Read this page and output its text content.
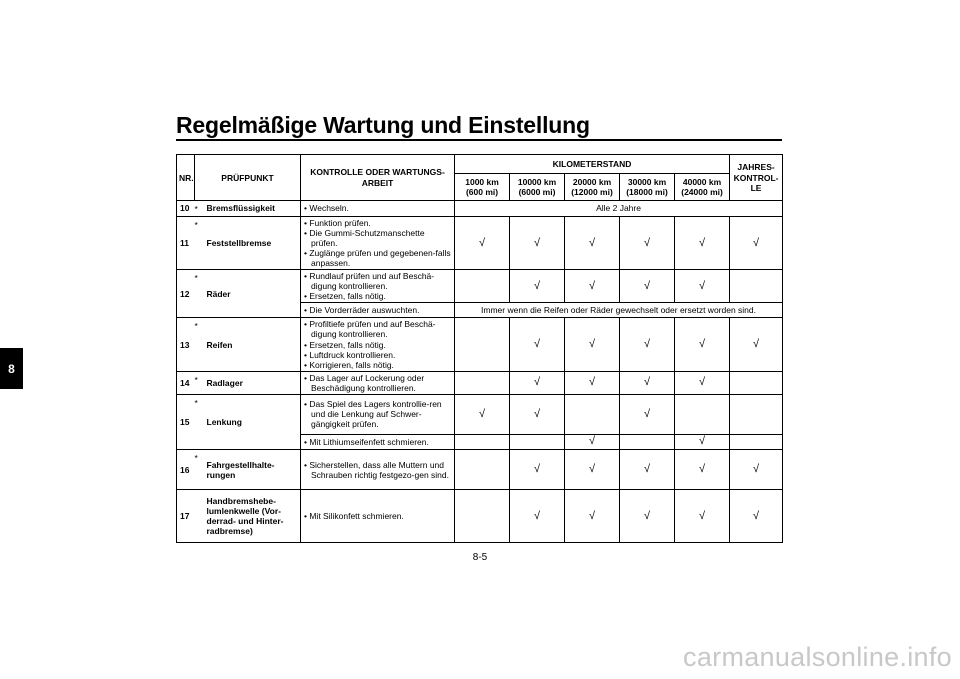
Regelmäßige Wartung und Einstellung
8
NR.	PRÜFPUNKT		KONTROLLE ODER WARTUNGS-ARBEIT	KILOMETERSTAND					JAHRES-KONTROL-LE
				1000 km (600 mi)	10000 km (6000 mi)	20000 km (12000 mi)	30000 km (18000 mi)	40000 km (24000 mi)	
10	*	Bremsflüssigkeit	• Wechseln.	Alle 2 Jahre					
11	*	Feststellbremse	• Funktion prüfen.
• Die Gummi-Schutzmanschette prüfen.
• Zuglänge prüfen und gegebenen-falls anpassen.	√	√	√	√	√	√
12	*	Räder	• Rundlauf prüfen und auf Beschä-digung kontrollieren.
• Ersetzen, falls nötig.		√	√	√	√	

			• Die Vorderräder auswuchten.	Immer wenn die Reifen oder Räder gewechselt oder ersetzt worden sind.					
13	*	Reifen	• Profiltiefe prüfen und auf Beschä-digung kontrollieren.
• Ersetzen, falls nötig.
• Luftdruck kontrollieren.
• Korrigieren, falls nötig.		√	√	√	√	√
14	*	Radlager	• Das Lager auf Lockerung oder Beschädigung kontrollieren.		√	√	√	√	
15	*	Lenkung	• Das Spiel des Lagers kontrollie-ren und die Lenkung auf Schwer-gängigkeit prüfen.	√	√		√		

			• Mit Lithiumseifenfett schmieren.			√		√	
16	*	Fahrgestellhalte-rungen	• Sicherstellen, dass alle Muttern und Schrauben richtig festgezo-gen sind.		√	√	√	√	√
17		Handbremshebe-lumlenkwelle (Vor-derrad- und Hinter-radbremse)	• Mit Silikonfett schmieren.		√	√	√	√	√
8-5
carmanualsonline.info
